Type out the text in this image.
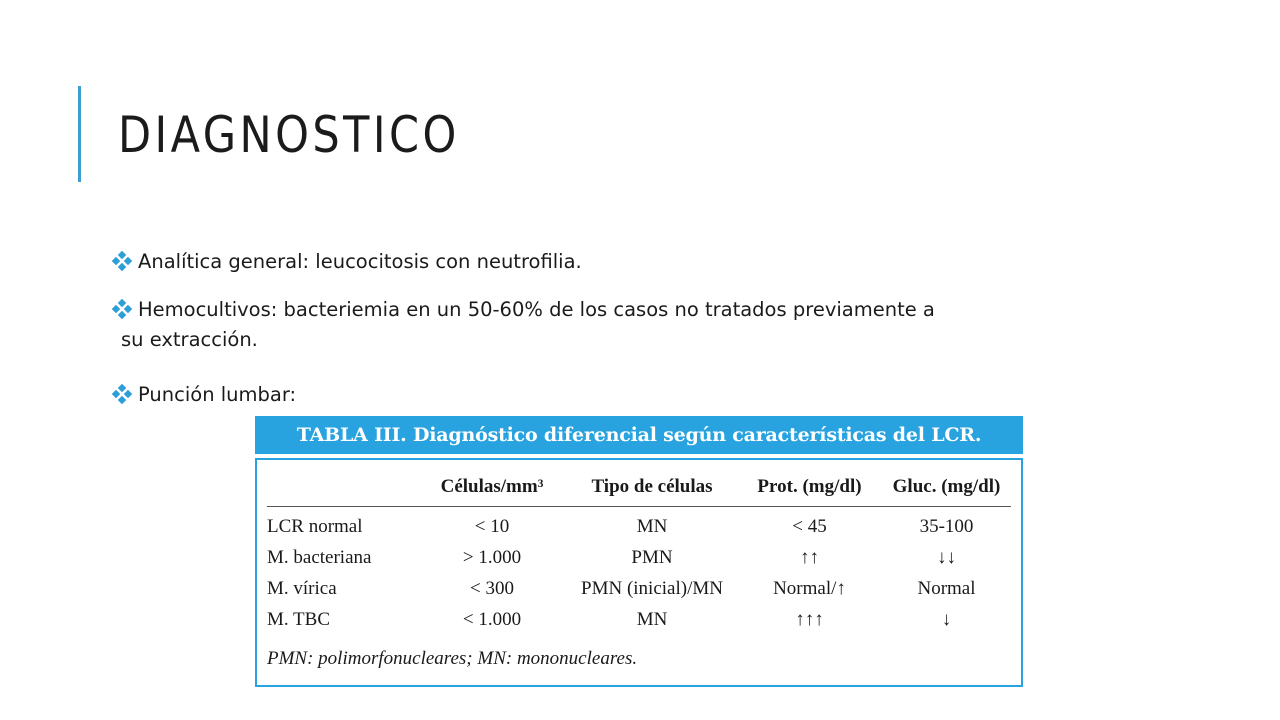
DIAGNOSTICO
Analítica general: leucocitosis con neutrofilia.
Hemocultivos: bacteriemia en un 50-60% de los casos no tratados previamente a
su extracción.
Punción lumbar:
TABLA III. Diagnóstico diferencial según características del LCR.
	Células/mm³	Tipo de células	Prot. (mg/dl)	Gluc. (mg/dl)
LCR normal	< 10	MN	< 45	35-100
M. bacteriana	> 1.000	PMN	↑↑	↓↓
M. vírica	< 300	PMN (inicial)/MN	Normal/↑	Normal
M. TBC	< 1.000	MN	↑↑↑	↓
PMN: polimorfonucleares; MN: mononucleares.
